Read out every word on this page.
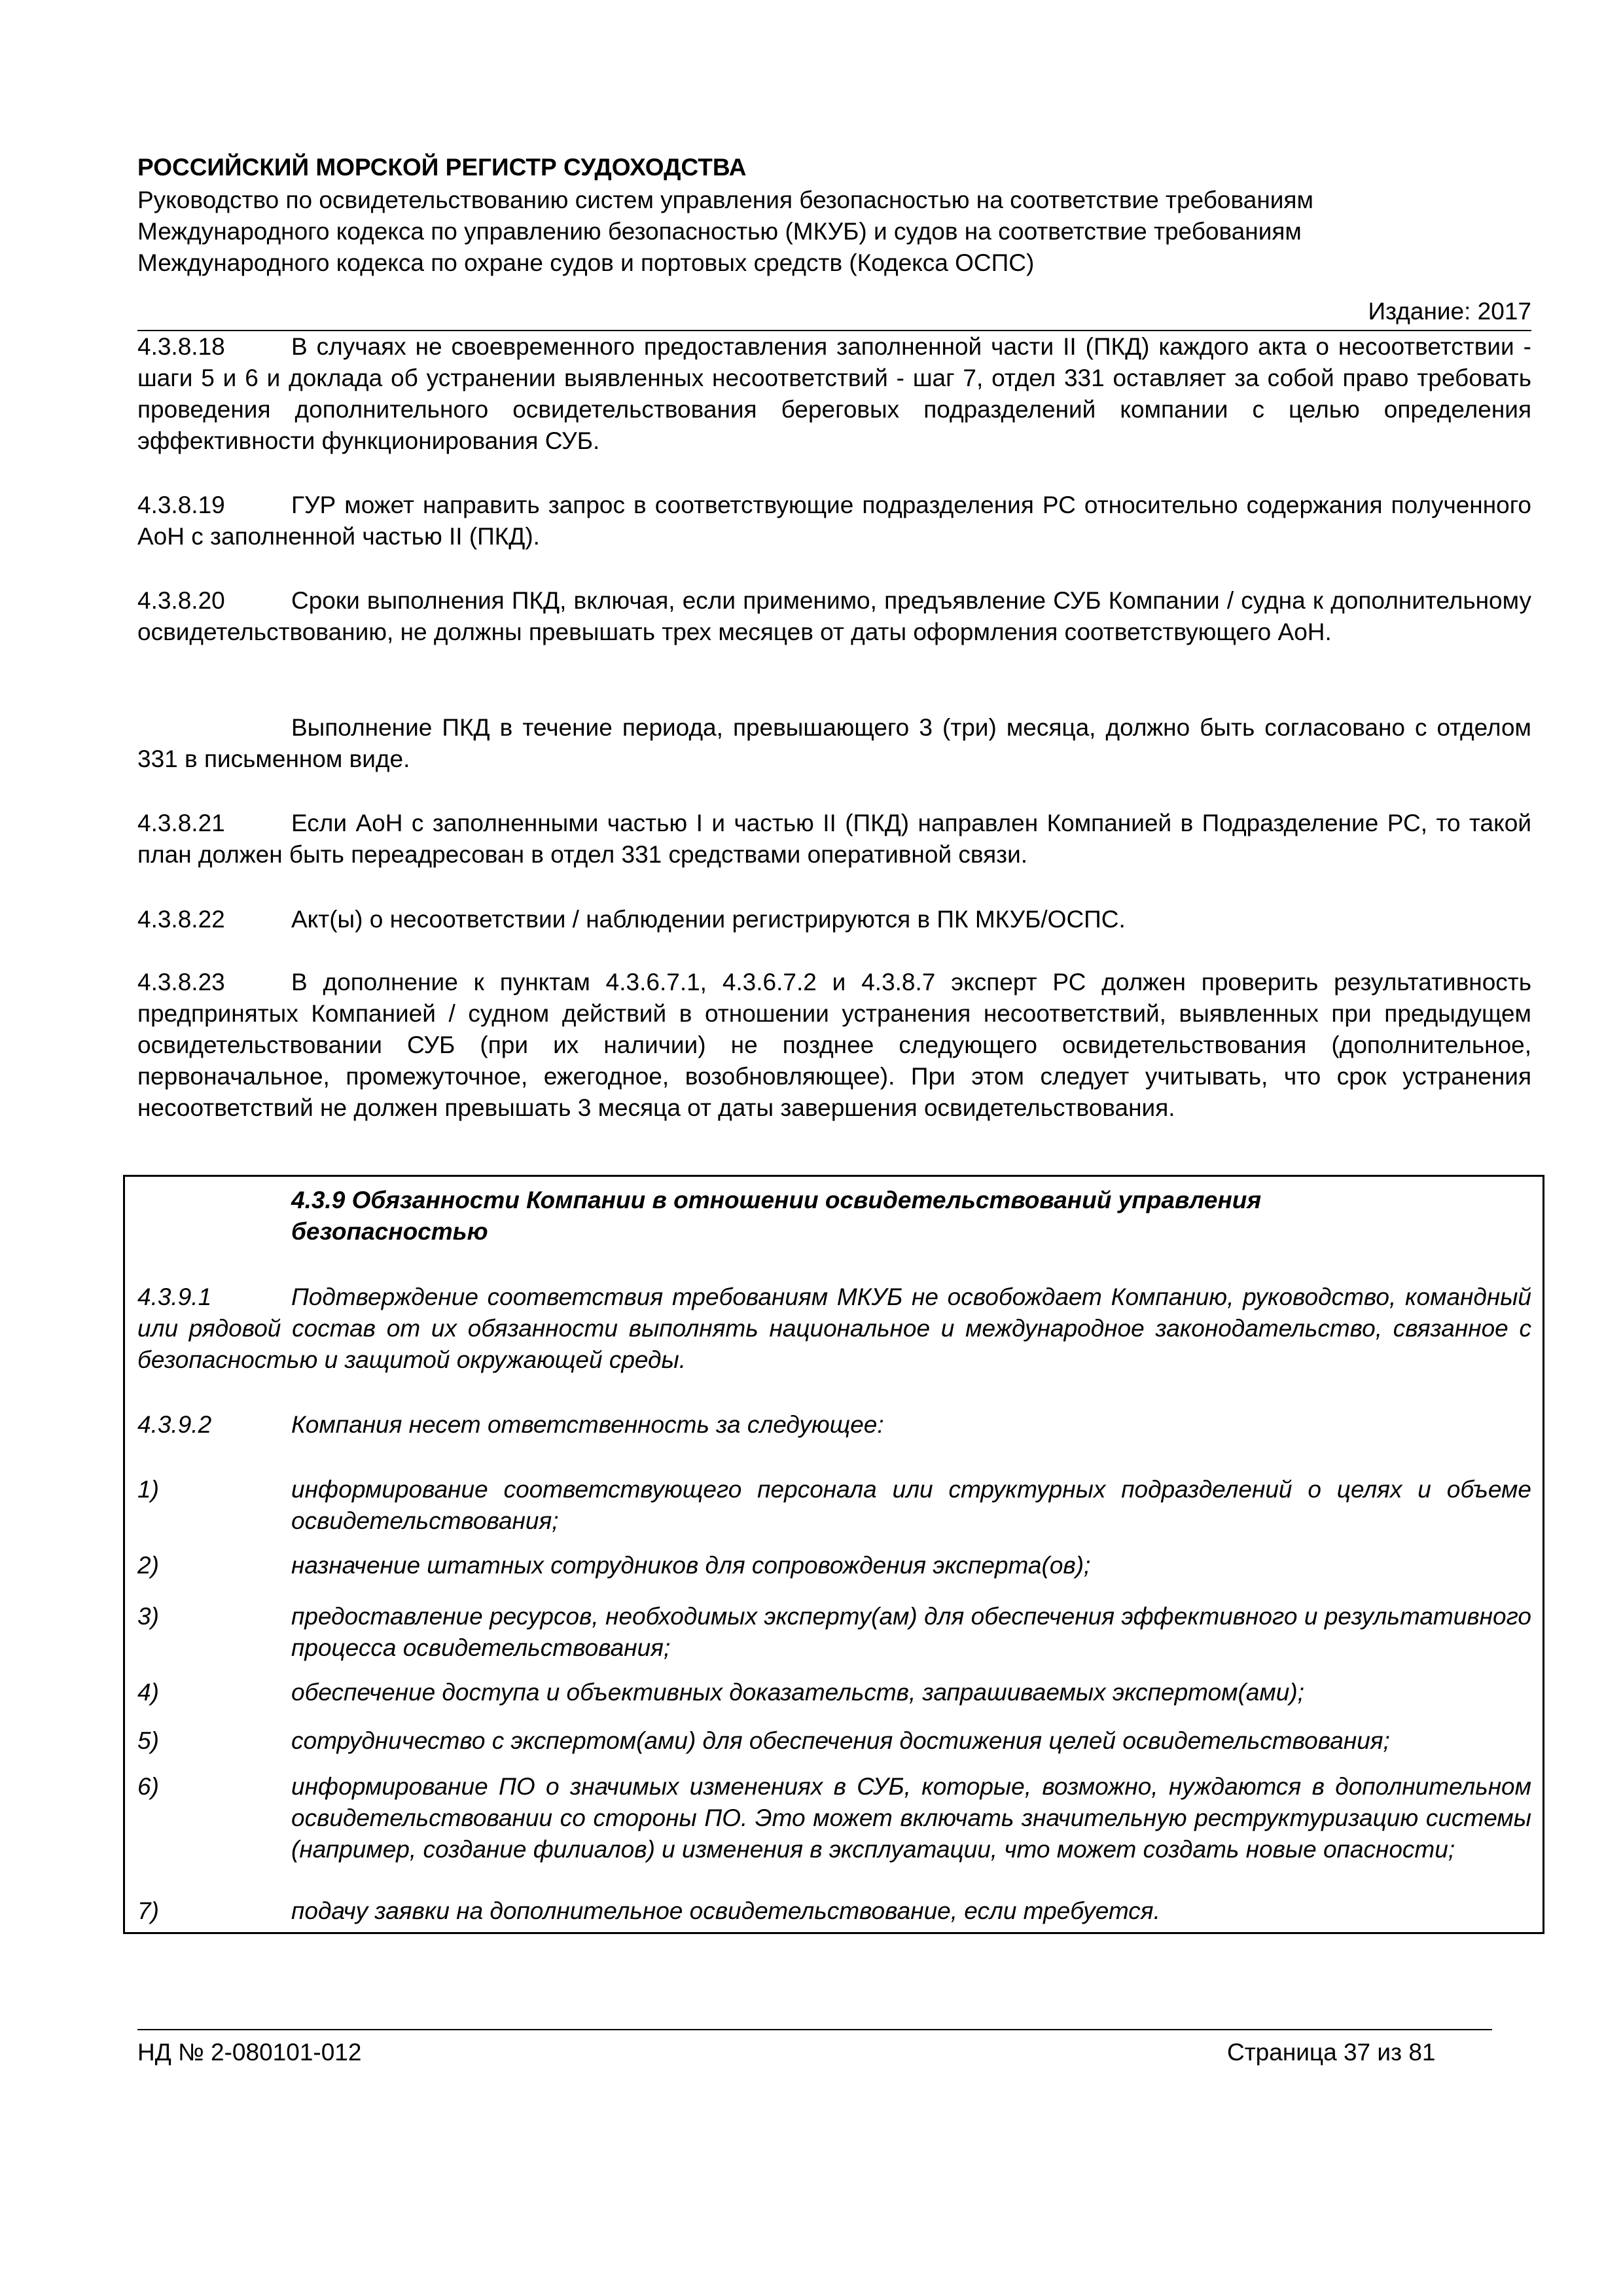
РОССИЙСКИЙ МОРСКОЙ РЕГИСТР СУДОХОДСТВА
Руководство по освидетельствованию систем управления безопасностью на соответствие требованиям
Международного кодекса по управлению безопасностью (МКУБ) и судов на соответствие требованиям
Международного кодекса по охране судов и портовых средств (Кодекса ОСПС)
Издание: 2017
4.3.8.18	В случаях не своевременного предоставления заполненной части II (ПКД) каждого акта о несоответствии - шаги 5 и 6 и доклада об устранении выявленных несоответствий - шаг 7, отдел 331 оставляет за собой право требовать проведения дополнительного освидетельствования береговых подразделений компании с целью определения эффективности функционирования СУБ.
4.3.8.19	ГУР может направить запрос в соответствующие подразделения РС относительно содержания полученного AoH с заполненной частью II (ПКД).
4.3.8.20	Сроки выполнения ПКД, включая, если применимо, предъявление СУБ Компании / судна к дополнительному освидетельствованию, не должны превышать трех месяцев от даты оформления соответствующего AoH.
Выполнение ПКД в течение периода, превышающего 3 (три) месяца, должно быть согласовано с отделом 331 в письменном виде.
4.3.8.21	Если AoH с заполненными частью I и частью II (ПКД) направлен Компанией в Подразделение РС, то такой план должен быть переадресован в отдел 331 средствами оперативной связи.
4.3.8.22	Акт(ы) о несоответствии / наблюдении регистрируются в ПК МКУБ/ОСПС.
4.3.8.23	В дополнение к пунктам 4.3.6.7.1, 4.3.6.7.2 и 4.3.8.7 эксперт РС должен проверить результативность предпринятых Компанией / судном действий в отношении устранения несоответствий, выявленных при предыдущем освидетельствовании СУБ (при их наличии) не позднее следующего освидетельствования (дополнительное, первоначальное, промежуточное, ежегодное, возобновляющее). При этом следует учитывать, что срок устранения несоответствий не должен превышать 3 месяца от даты завершения освидетельствования.
4.3.9 Обязанности Компании в отношении освидетельствований управления
безопасностью
4.3.9.1	Подтверждение соответствия требованиям МКУБ не освобождает Компанию, руководство, командный или рядовой состав от их обязанности выполнять национальное и международное законодательство, связанное с безопасностью и защитой окружающей среды.
4.3.9.2	Компания несет ответственность за следующее:
1)	информирование соответствующего персонала или структурных подразделений о целях и объеме освидетельствования;
2)	назначение штатных сотрудников для сопровождения эксперта(ов);
3)	предоставление ресурсов, необходимых эксперту(ам) для обеспечения эффективного и результативного процесса освидетельствования;
4)	обеспечение доступа и объективных доказательств, запрашиваемых экспертом(ами);
5)	сотрудничество с экспертом(ами) для обеспечения достижения целей освидетельствования;
6)	информирование ПО о значимых изменениях в СУБ, которые, возможно, нуждаются в дополнительном освидетельствовании со стороны ПО. Это может включать значительную реструктуризацию системы (например, создание филиалов) и изменения в эксплуатации, что может создать новые опасности;
7)	подачу заявки на дополнительное освидетельствование, если требуется.
НД № 2-080101-012	Страница 37 из 81
